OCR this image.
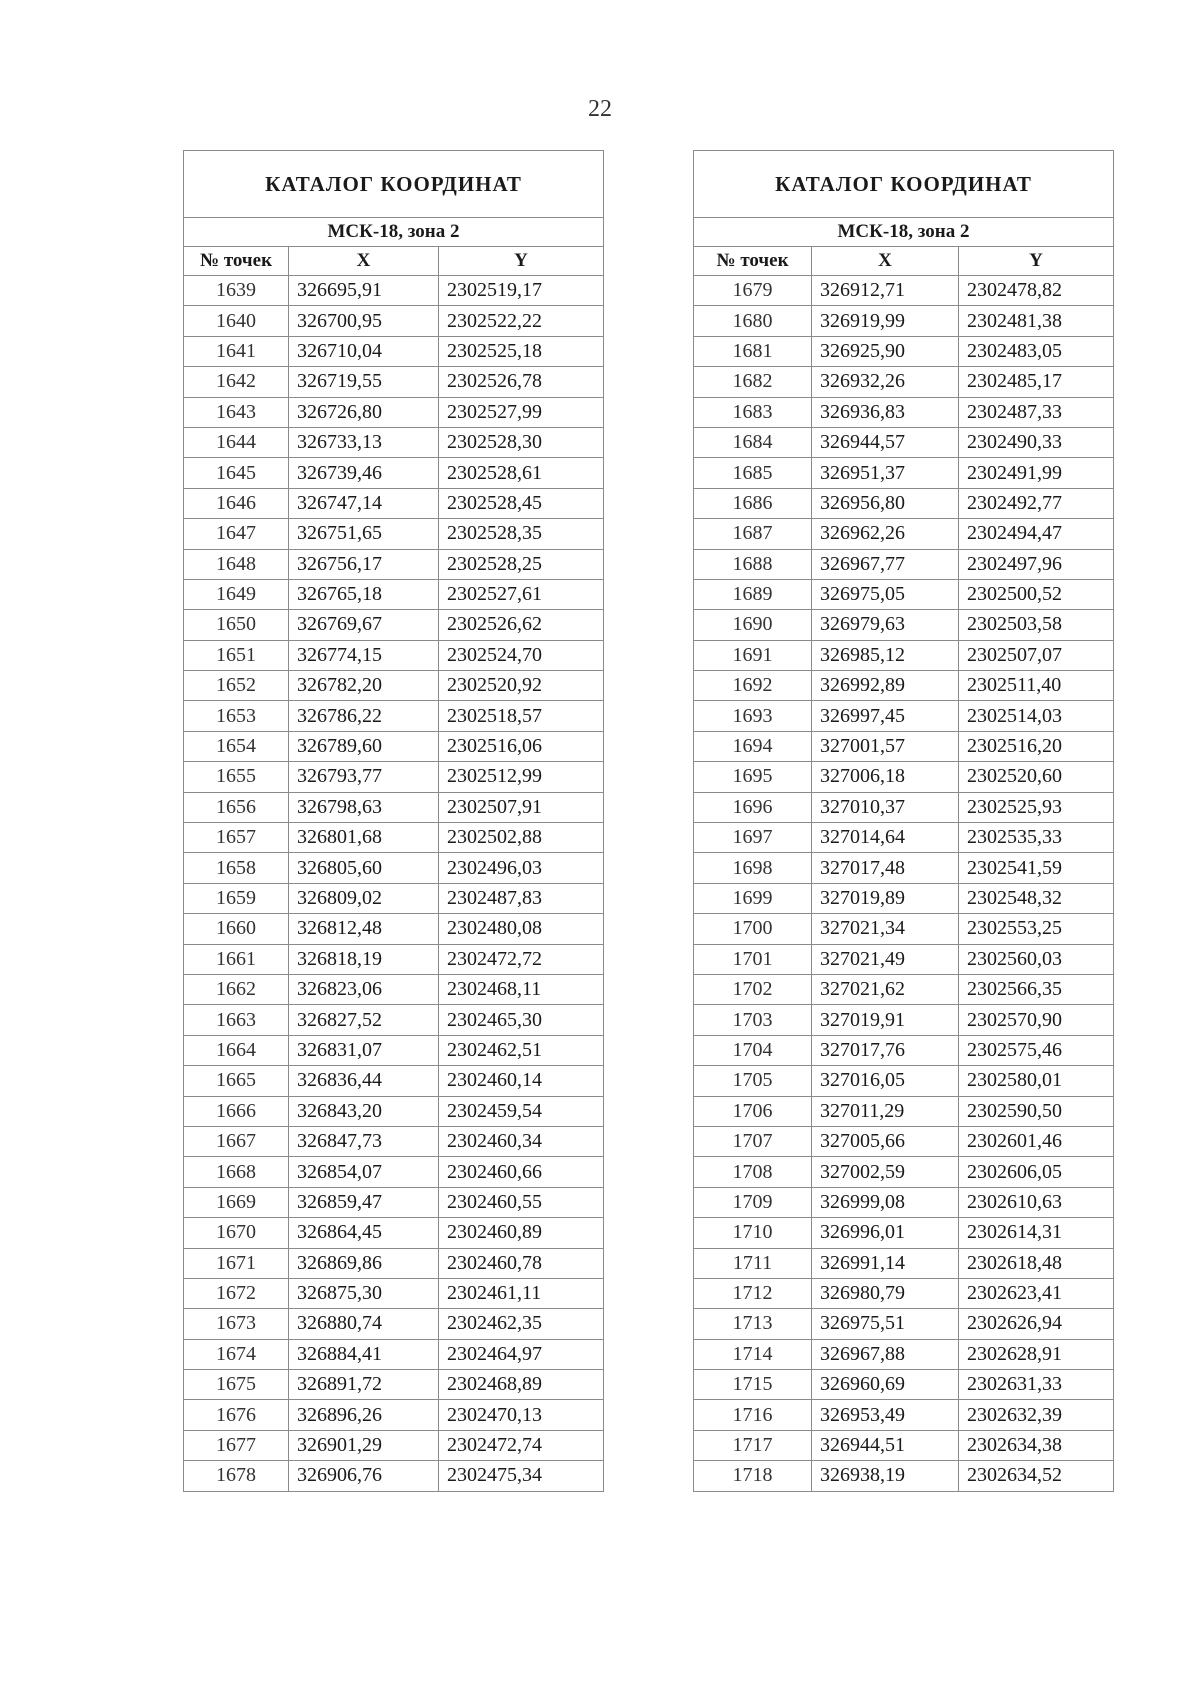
22
КАТАЛОГ КООРДИНАТ		
МСК-18, зона 2		
№ точек	X	Y
1639	326695,91	2302519,17
1640	326700,95	2302522,22
1641	326710,04	2302525,18
1642	326719,55	2302526,78
1643	326726,80	2302527,99
1644	326733,13	2302528,30
1645	326739,46	2302528,61
1646	326747,14	2302528,45
1647	326751,65	2302528,35
1648	326756,17	2302528,25
1649	326765,18	2302527,61
1650	326769,67	2302526,62
1651	326774,15	2302524,70
1652	326782,20	2302520,92
1653	326786,22	2302518,57
1654	326789,60	2302516,06
1655	326793,77	2302512,99
1656	326798,63	2302507,91
1657	326801,68	2302502,88
1658	326805,60	2302496,03
1659	326809,02	2302487,83
1660	326812,48	2302480,08
1661	326818,19	2302472,72
1662	326823,06	2302468,11
1663	326827,52	2302465,30
1664	326831,07	2302462,51
1665	326836,44	2302460,14
1666	326843,20	2302459,54
1667	326847,73	2302460,34
1668	326854,07	2302460,66
1669	326859,47	2302460,55
1670	326864,45	2302460,89
1671	326869,86	2302460,78
1672	326875,30	2302461,11
1673	326880,74	2302462,35
1674	326884,41	2302464,97
1675	326891,72	2302468,89
1676	326896,26	2302470,13
1677	326901,29	2302472,74
1678	326906,76	2302475,34
КАТАЛОГ КООРДИНАТ		
МСК-18, зона 2		
№ точек	X	Y
1679	326912,71	2302478,82
1680	326919,99	2302481,38
1681	326925,90	2302483,05
1682	326932,26	2302485,17
1683	326936,83	2302487,33
1684	326944,57	2302490,33
1685	326951,37	2302491,99
1686	326956,80	2302492,77
1687	326962,26	2302494,47
1688	326967,77	2302497,96
1689	326975,05	2302500,52
1690	326979,63	2302503,58
1691	326985,12	2302507,07
1692	326992,89	2302511,40
1693	326997,45	2302514,03
1694	327001,57	2302516,20
1695	327006,18	2302520,60
1696	327010,37	2302525,93
1697	327014,64	2302535,33
1698	327017,48	2302541,59
1699	327019,89	2302548,32
1700	327021,34	2302553,25
1701	327021,49	2302560,03
1702	327021,62	2302566,35
1703	327019,91	2302570,90
1704	327017,76	2302575,46
1705	327016,05	2302580,01
1706	327011,29	2302590,50
1707	327005,66	2302601,46
1708	327002,59	2302606,05
1709	326999,08	2302610,63
1710	326996,01	2302614,31
1711	326991,14	2302618,48
1712	326980,79	2302623,41
1713	326975,51	2302626,94
1714	326967,88	2302628,91
1715	326960,69	2302631,33
1716	326953,49	2302632,39
1717	326944,51	2302634,38
1718	326938,19	2302634,52
